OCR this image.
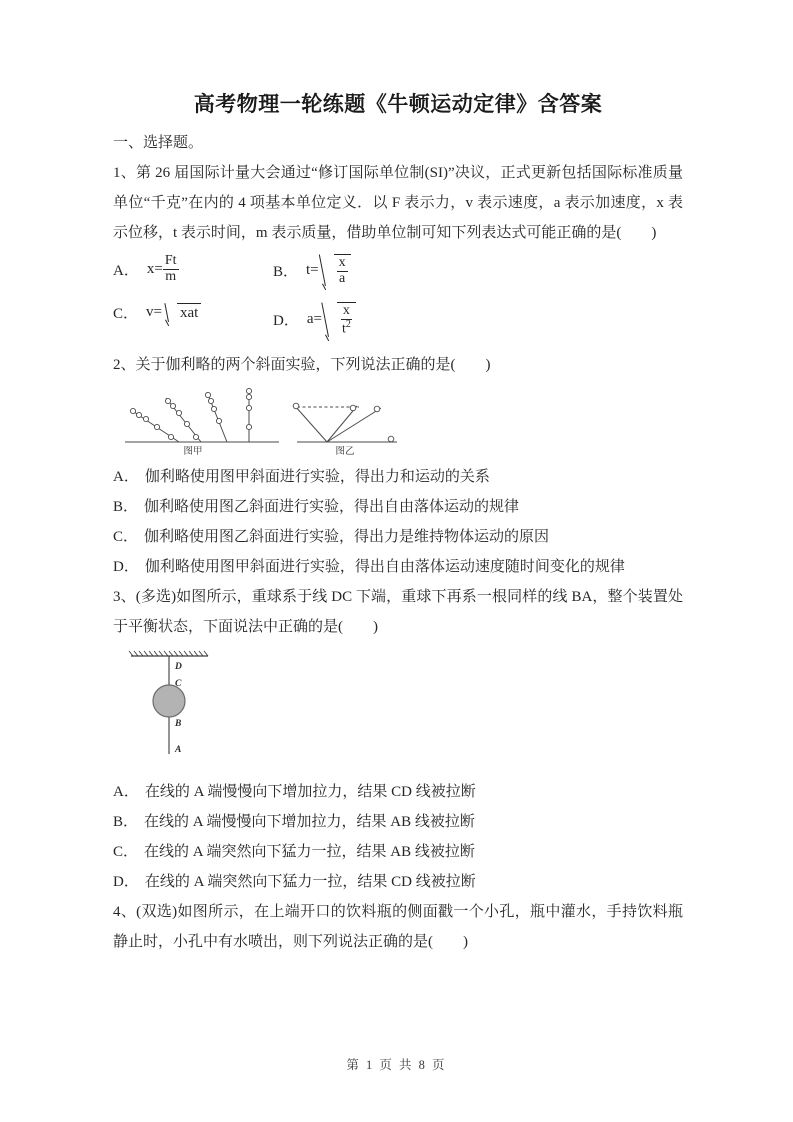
高考物理一轮练题《牛顿运动定律》含答案

一、选择题。

1、第 26 届国际计量大会通过“修订国际单位制(SI)”决议，正式更新包括国际标准质量单位“千克”在内的 4 项基本单位定义．以 F 表示力，v 表示速度，a 表示加速度，x 表示位移，t 表示时间，m 表示质量，借助单位制可知下列表达式可能正确的是(　　)

A． $x= \frac{Ft}{m}$	B． $t= \frac{x}{a}$
C． v= xat
D． $a= \frac{x}{t^2}$

2、关于伽利略的两个斜面实验，下列说法正确的是(　　)

图甲	图乙

A． 伽利略使用图甲斜面进行实验，得出力和运动的关系

B． 伽利略使用图乙斜面进行实验，得出自由落体运动的规律

C． 伽利略使用图乙斜面进行实验，得出力是维持物体运动的原因

D． 伽利略使用图甲斜面进行实验，得出自由落体运动速度随时间变化的规律

3、(多选)如图所示，重球系于线 DC 下端，重球下再系一根同样的线 BA，整个装置处于平衡状态，下面说法中正确的是(　　)

D
C
B
A

A． 在线的 A 端慢慢向下增加拉力，结果 CD 线被拉断

B． 在线的 A 端慢慢向下增加拉力，结果 AB 线被拉断

C． 在线的 A 端突然向下猛力一拉，结果 AB 线被拉断

D． 在线的 A 端突然向下猛力一拉，结果 CD 线被拉断

4、(双选)如图所示，在上端开口的饮料瓶的侧面戳一个小孔，瓶中灌水，手持饮料瓶静止时，小孔中有水喷出，则下列说法正确的是(　　)

第 1 页 共 8 页
